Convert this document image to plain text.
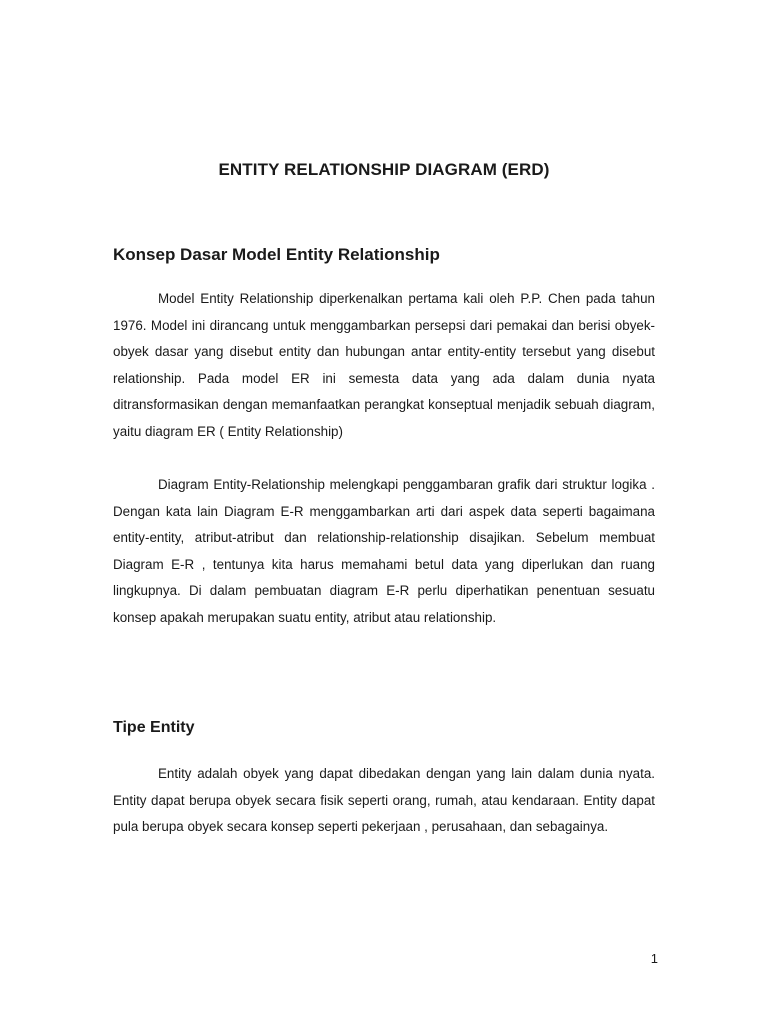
ENTITY RELATIONSHIP DIAGRAM (ERD)
Konsep Dasar Model Entity Relationship

Model Entity Relationship diperkenalkan pertama kali oleh P.P. Chen pada tahun 1976. Model ini dirancang untuk menggambarkan persepsi dari pemakai dan berisi obyek-obyek dasar yang disebut entity dan hubungan antar entity-entity tersebut yang disebut relationship. Pada model ER ini semesta data yang ada dalam dunia nyata ditransformasikan dengan memanfaatkan perangkat konseptual menjadik sebuah diagram, yaitu diagram ER ( Entity Relationship)

Diagram Entity-Relationship melengkapi penggambaran grafik dari struktur logika . Dengan kata lain Diagram E-R menggambarkan arti dari aspek data seperti bagaimana entity-entity, atribut-atribut dan relationship-relationship disajikan. Sebelum membuat Diagram E-R , tentunya kita harus memahami betul data yang diperlukan dan ruang lingkupnya. Di dalam pembuatan diagram E-R perlu diperhatikan penentuan sesuatu konsep apakah merupakan suatu entity, atribut atau relationship.

Tipe Entity

Entity adalah obyek yang dapat dibedakan dengan yang lain dalam dunia nyata. Entity dapat berupa obyek secara fisik seperti orang, rumah, atau kendaraan. Entity dapat pula berupa obyek secara konsep seperti pekerjaan , perusahaan, dan sebagainya.

1
